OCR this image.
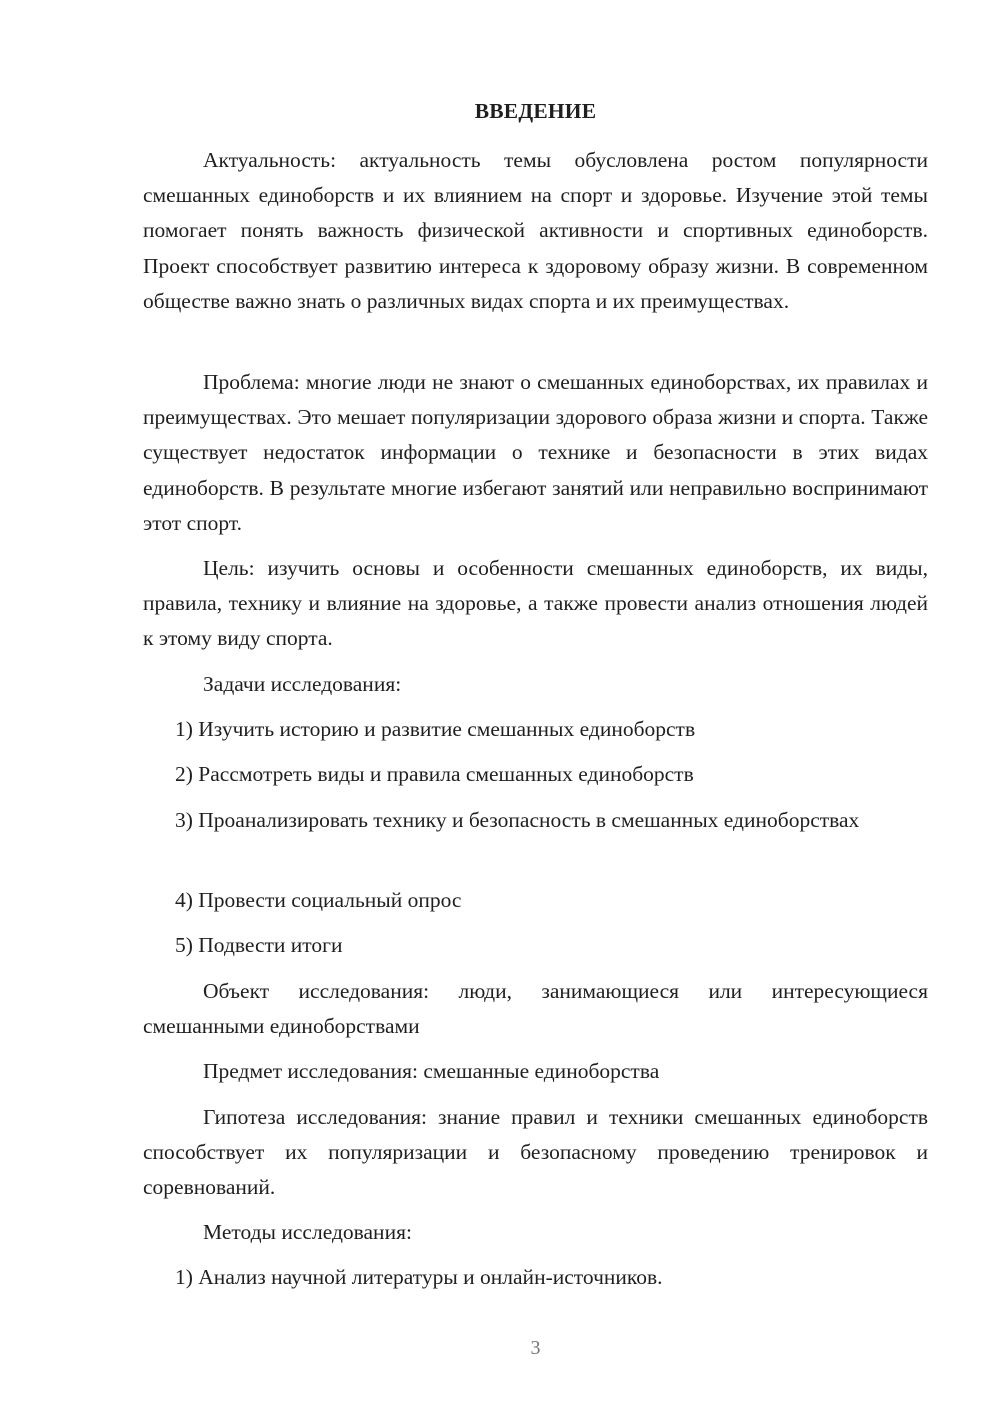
ВВЕДЕНИЕ

Актуальность: актуальность темы обусловлена ростом популярности смешанных единоборств и их влиянием на спорт и здоровье. Изучение этой темы помогает понять важность физической активности и спортивных единоборств. Проект способствует развитию интереса к здоровому образу жизни. В современном обществе важно знать о различных видах спорта и их преимуществах.

Проблема: многие люди не знают о смешанных единоборствах, их правилах и преимуществах. Это мешает популяризации здорового образа жизни и спорта. Также существует недостаток информации о технике и безопасности в этих видах единоборств. В результате многие избегают занятий или неправильно воспринимают этот спорт.

Цель: изучить основы и особенности смешанных единоборств, их виды, правила, технику и влияние на здоровье, а также провести анализ отношения людей к этому виду спорта.

Задачи исследования:

1) Изучить историю и развитие смешанных единоборств

2) Рассмотреть виды и правила смешанных единоборств

3) Проанализировать технику и безопасность в смешанных единоборствах

4) Провести социальный опрос

5) Подвести итоги

Объект исследования: люди, занимающиеся или интересующиеся смешанными единоборствами

Предмет исследования: смешанные единоборства

Гипотеза исследования: знание правил и техники смешанных единоборств способствует их популяризации и безопасному проведению тренировок и соревнований.

Методы исследования:

1) Анализ научной литературы и онлайн-источников.

3
